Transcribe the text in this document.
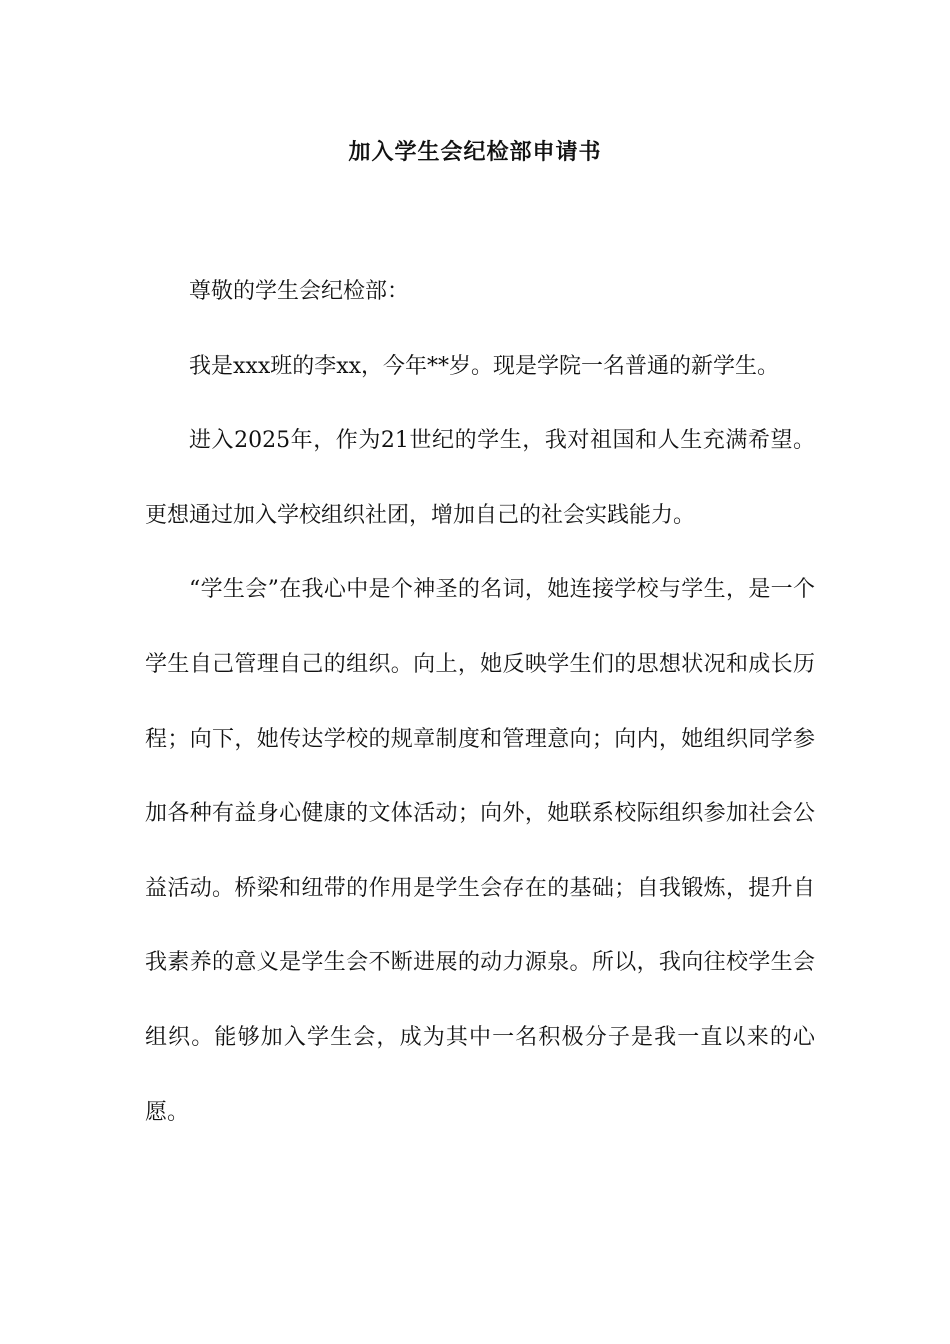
加入学生会纪检部申请书

尊敬的学生会纪检部：

我是xxx班的李xx，今年**岁。现是学院一名普通的新学生。

进入2025年，作为21世纪的学生，我对祖国和人生充满希望。更想通过加入学校组织社团，增加自己的社会实践能力。

“学生会”在我心中是个神圣的名词，她连接学校与学生，是一个学生自己管理自己的组织。向上，她反映学生们的思想状况和成长历程；向下，她传达学校的规章制度和管理意向；向内，她组织同学参加各种有益身心健康的文体活动；向外，她联系校际组织参加社会公益活动。桥梁和纽带的作用是学生会存在的基础；自我锻炼，提升自我素养的意义是学生会不断进展的动力源泉。所以，我向往校学生会组织。能够加入学生会，成为其中一名积极分子是我一直以来的心愿。
